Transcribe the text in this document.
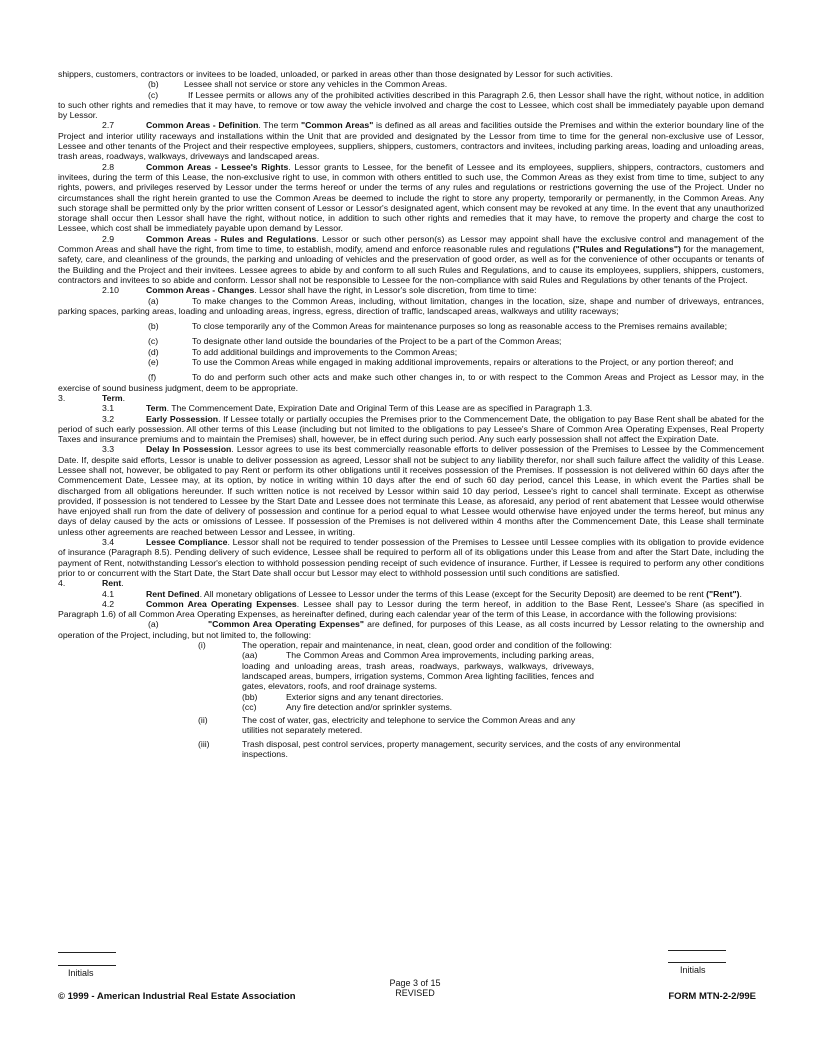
shippers, customers, contractors or invitees to be loaded, unloaded, or parked in areas other than those designated by Lessor for such activities.

(b)	Lessee shall not service or store any vehicles in the Common Areas.

(c)	If Lessee permits or allows any of the prohibited activities described in this Paragraph 2.6, then Lessor shall have the right, without notice, in addition to such other rights and remedies that it may have, to remove or tow away the vehicle involved and charge the cost to Lessee, which cost shall be immediately payable upon demand by Lessor.

2.7	Common Areas - Definition. The term "Common Areas" is defined as all areas and facilities outside the Premises and within the exterior boundary line of the Project and interior utility raceways and installations within the Unit that are provided and designated by the Lessor from time to time for the general non-exclusive use of Lessor, Lessee and other tenants of the Project and their respective employees, suppliers, shippers, customers, contractors and invitees, including parking areas, loading and unloading areas, trash areas, roadways, walkways, driveways and landscaped areas.

2.8	Common Areas - Lessee's Rights. Lessor grants to Lessee, for the benefit of Lessee and its employees, suppliers, shippers, contractors, customers and invitees, during the term of this Lease, the non-exclusive right to use, in common with others entitled to such use, the Common Areas as they exist from time to time, subject to any rights, powers, and privileges reserved by Lessor under the terms hereof or under the terms of any rules and regulations or restrictions governing the use of the Project. Under no circumstances shall the right herein granted to use the Common Areas be deemed to include the right to store any property, temporarily or permanently, in the Common Areas. Any such storage shall be permitted only by the prior written consent of Lessor or Lessor's designated agent, which consent may be revoked at any time. In the event that any unauthorized storage shall occur then Lessor shall have the right, without notice, in addition to such other rights and remedies that it may have, to remove the property and charge the cost to Lessee, which cost shall be immediately payable upon demand by Lessor.

2.9	Common Areas - Rules and Regulations. Lessor or such other person(s) as Lessor may appoint shall have the exclusive control and management of the Common Areas and shall have the right, from time to time, to establish, modify, amend and enforce reasonable rules and regulations ("Rules and Regulations") for the management, safety, care, and cleanliness of the grounds, the parking and unloading of vehicles and the preservation of good order, as well as for the convenience of other occupants or tenants of the Building and the Project and their invitees. Lessee agrees to abide by and conform to all such Rules and Regulations, and to cause its employees, suppliers, shippers, customers, contractors and invitees to so abide and conform. Lessor shall not be responsible to Lessee for the non-compliance with said Rules and Regulations by other tenants of the Project.

2.10	Common Areas - Changes. Lessor shall have the right, in Lessor's sole discretion, from time to time:

(a)	To make changes to the Common Areas, including, without limitation, changes in the location, size, shape and number of driveways, entrances, parking spaces, parking areas, loading and unloading areas, ingress, egress, direction of traffic, landscaped areas, walkways and utility raceways;

(b)	To close temporarily any of the Common Areas for maintenance purposes so long as reasonable access to the Premises remains available;

(c)	To designate other land outside the boundaries of the Project to be a part of the Common Areas;
(d)	To add additional buildings and improvements to the Common Areas;

(e)	To use the Common Areas while engaged in making additional improvements, repairs or alterations to the Project, or any portion thereof; and

(f)	To do and perform such other acts and make such other changes in, to or with respect to the Common Areas and Project as Lessor may, in the exercise of sound business judgment, deem to be appropriate.

3.	Term.

3.1	Term. The Commencement Date, Expiration Date and Original Term of this Lease are as specified in Paragraph 1.3.

3.2	Early Possession. If Lessee totally or partially occupies the Premises prior to the Commencement Date, the obligation to pay Base Rent shall be abated for the period of such early possession. All other terms of this Lease (including but not limited to the obligations to pay Lessee's Share of Common Area Operating Expenses, Real Property Taxes and insurance premiums and to maintain the Premises) shall, however, be in effect during such period. Any such early possession shall not affect the Expiration Date.

3.3	Delay In Possession. Lessor agrees to use its best commercially reasonable efforts to deliver possession of the Premises to Lessee by the Commencement Date. If, despite said efforts, Lessor is unable to deliver possession as agreed, Lessor shall not be subject to any liability therefor, nor shall such failure affect the validity of this Lease. Lessee shall not, however, be obligated to pay Rent or perform its other obligations until it receives possession of the Premises. If possession is not delivered within 60 days after the Commencement Date, Lessee may, at its option, by notice in writing within 10 days after the end of such 60 day period, cancel this Lease, in which event the Parties shall be discharged from all obligations hereunder. If such written notice is not received by Lessor within said 10 day period, Lessee's right to cancel shall terminate. Except as otherwise provided, if possession is not tendered to Lessee by the Start Date and Lessee does not terminate this Lease, as aforesaid, any period of rent abatement that Lessee would otherwise have enjoyed shall run from the date of delivery of possession and continue for a period equal to what Lessee would otherwise have enjoyed under the terms hereof, but minus any days of delay caused by the acts or omissions of Lessee. If possession of the Premises is not delivered within 4 months after the Commencement Date, this Lease shall terminate unless other agreements are reached between Lessor and Lessee, in writing.

3.4	Lessee Compliance. Lessor shall not be required to tender possession of the Premises to Lessee until Lessee complies with its obligation to provide evidence of insurance (Paragraph 8.5). Pending delivery of such evidence, Lessee shall be required to perform all of its obligations under this Lease from and after the Start Date, including the payment of Rent, notwithstanding Lessor's election to withhold possession pending receipt of such evidence of insurance. Further, if Lessee is required to perform any other conditions prior to or concurrent with the Start Date, the Start Date shall occur but Lessor may elect to withhold possession until such conditions are satisfied.

4.	Rent.

4.1	Rent Defined. All monetary obligations of Lessee to Lessor under the terms of this Lease (except for the Security Deposit) are deemed to be rent ("Rent").

4.2	Common Area Operating Expenses. Lessee shall pay to Lessor during the term hereof, in addition to the Base Rent, Lessee's Share (as specified in Paragraph 1.6) of all Common Area Operating Expenses, as hereinafter defined, during each calendar year of the term of this Lease, in accordance with the following provisions:

(a)	"Common Area Operating Expenses" are defined, for purposes of this Lease, as all costs incurred by Lessor relating to the ownership and operation of the Project, including, but not limited to, the following:

(i)	The operation, repair and maintenance, in neat, clean, good order and condition of the following:
(aa)	The Common Areas and Common Area improvements, including parking areas, loading and unloading areas, trash areas, roadways, parkways, walkways, driveways, landscaped areas, bumpers, irrigation systems, Common Area lighting facilities, fences and gates, elevators, roofs, and roof drainage systems.
(bb)	Exterior signs and any tenant directories.
(cc)	Any fire detection and/or sprinkler systems.
(ii)	The cost of water, gas, electricity and telephone to service the Common Areas and any utilities not separately metered.
(iii)	Trash disposal, pest control services, property management, security services, and the costs of any environmental inspections.
Initials	Initials
Page 3 of 15
REVISED
© 1999 - American Industrial Real Estate Association	FORM MTN-2-2/99E
